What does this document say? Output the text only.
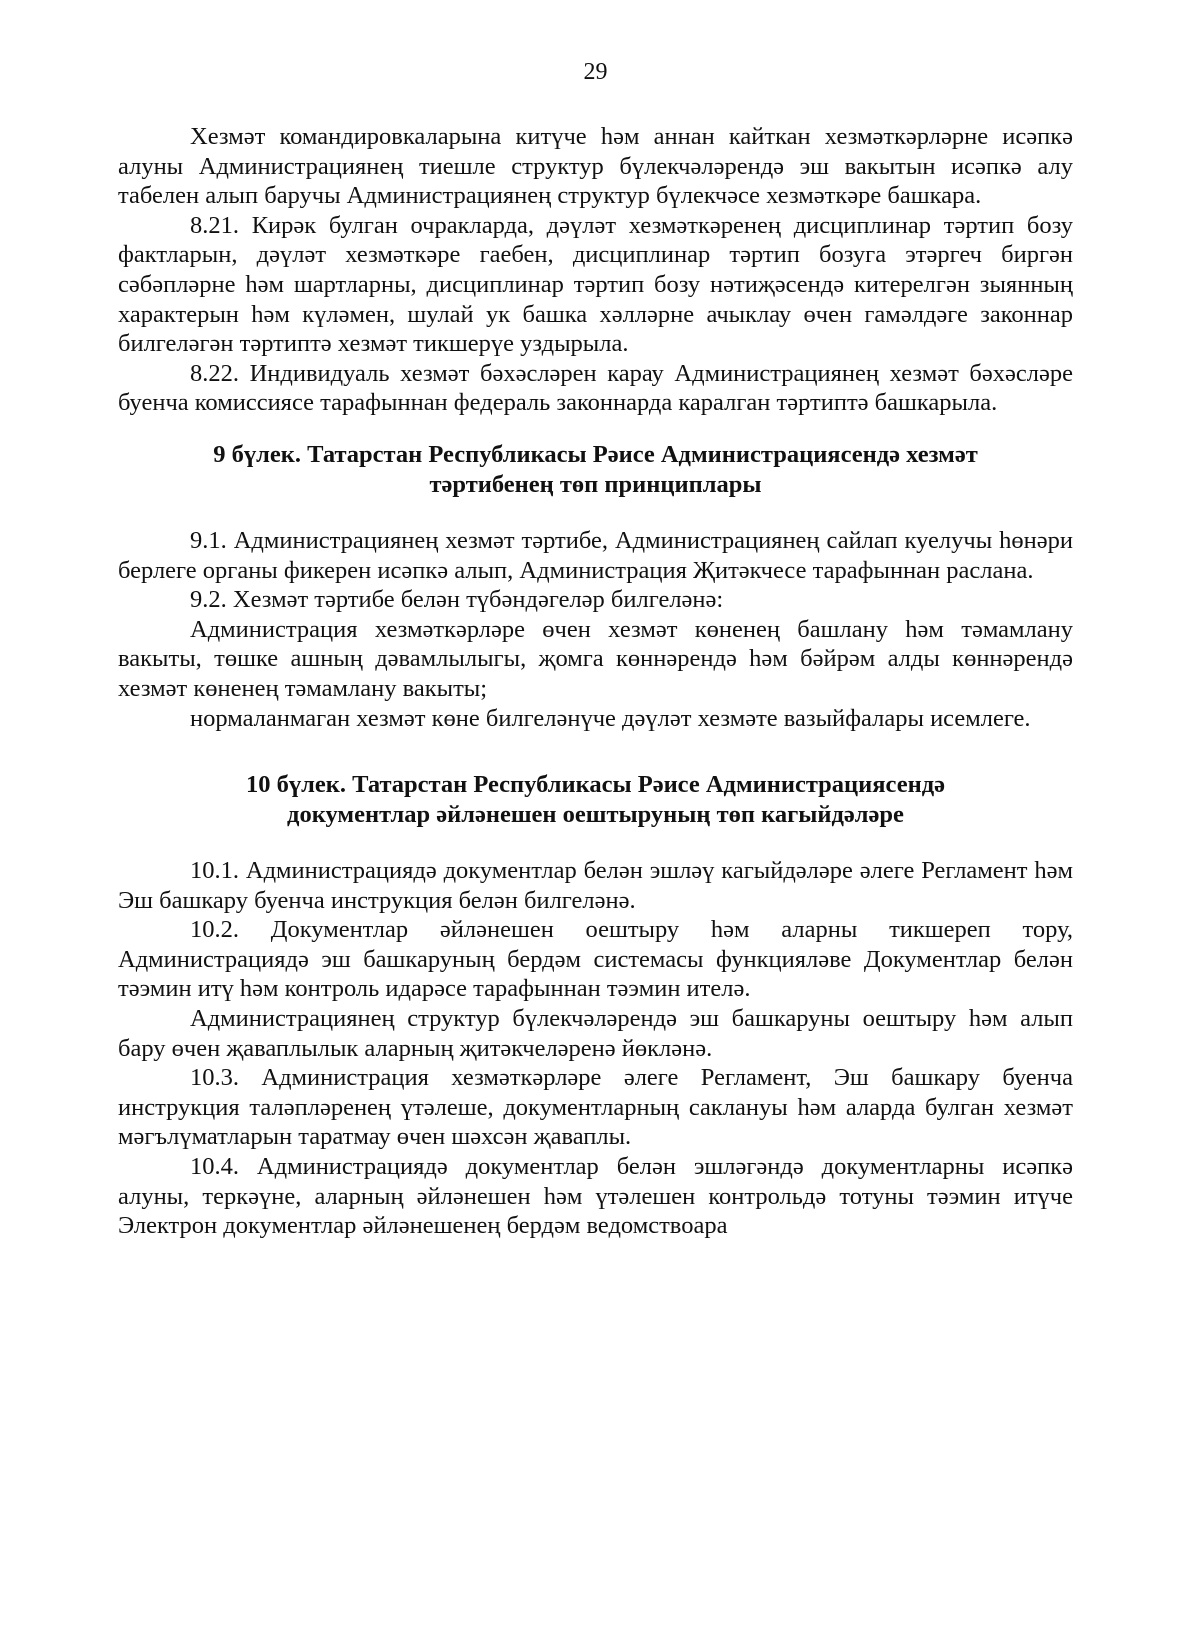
29

Хезмәт командировкаларына китүче һәм аннан кайткан хезмәткәрләрне исәпкә алуны Администрациянең тиешле структур бүлекчәләрендә эш вакытын исәпкә алу табелен алып баручы Администрациянең структур бүлекчәсе хезмәткәре башкара.

8.21. Кирәк булган очракларда, дәүләт хезмәткәренең дисциплинар тәртип бозу фактларын, дәүләт хезмәткәре гаебен, дисциплинар тәртип бозуга этәргеч биргән сәбәпләрне һәм шартларны, дисциплинар тәртип бозу нәтиҗәсендә китерелгән зыянның характерын һәм күләмен, шулай ук башка хәлләрне ачыклау өчен гамәлдәге законнар билгеләгән тәртиптә хезмәт тикшерүе уздырыла.

8.22. Индивидуаль хезмәт бәхәсләрен карау Администрациянең хезмәт бәхәсләре буенча комиссиясе тарафыннан федераль законнарда каралган тәртиптә башкарыла.

9 бүлек. Татарстан Республикасы Рәисе Администрациясендә хезмәт
тәртибенең төп принциплары

9.1. Администрациянең хезмәт тәртибе, Администрациянең сайлап куелучы һөнәри берлеге органы фикерен исәпкә алып, Администрация Җитәкчесе тарафыннан раслана.

9.2. Хезмәт тәртибе белән түбәндәгеләр билгеләнә:

Администрация хезмәткәрләре өчен хезмәт көненең башлану һәм тәмамлану вакыты, төшке ашның дәвамлылыгы, җомга көннәрендә һәм бәйрәм алды көннәрендә хезмәт көненең тәмамлану вакыты;

нормаланмаган хезмәт көне билгеләнүче дәүләт хезмәте вазыйфалары исемлеге.

10 бүлек. Татарстан Республикасы Рәисе Администрациясендә
документлар әйләнешен оештыруның төп кагыйдәләре

10.1. Администрациядә документлар белән эшләү кагыйдәләре әлеге Регламент һәм Эш башкару буенча инструкция белән билгеләнә.

10.2. Документлар әйләнешен оештыру һәм аларны тикшереп тору, Администрациядә эш башкаруның бердәм системасы функцияләве Документлар белән тәэмин итү һәм контроль идарәсе тарафыннан тәэмин ителә.

Администрациянең структур бүлекчәләрендә эш башкаруны оештыру һәм алып бару өчен җаваплылык аларның җитәкчеләренә йөкләнә.

10.3. Администрация хезмәткәрләре әлеге Регламент, Эш башкару буенча инструкция таләпләренең үтәлеше, документларның саклануы һәм аларда булган хезмәт мәгълүматларын таратмау өчен шәхсән җаваплы.

10.4. Администрациядә документлар белән эшләгәндә документларны исәпкә алуны, теркәүне, аларның әйләнешен һәм үтәлешен контрольдә тотуны тәэмин итүче Электрон документлар әйләнешенең бердәм ведомствоара
